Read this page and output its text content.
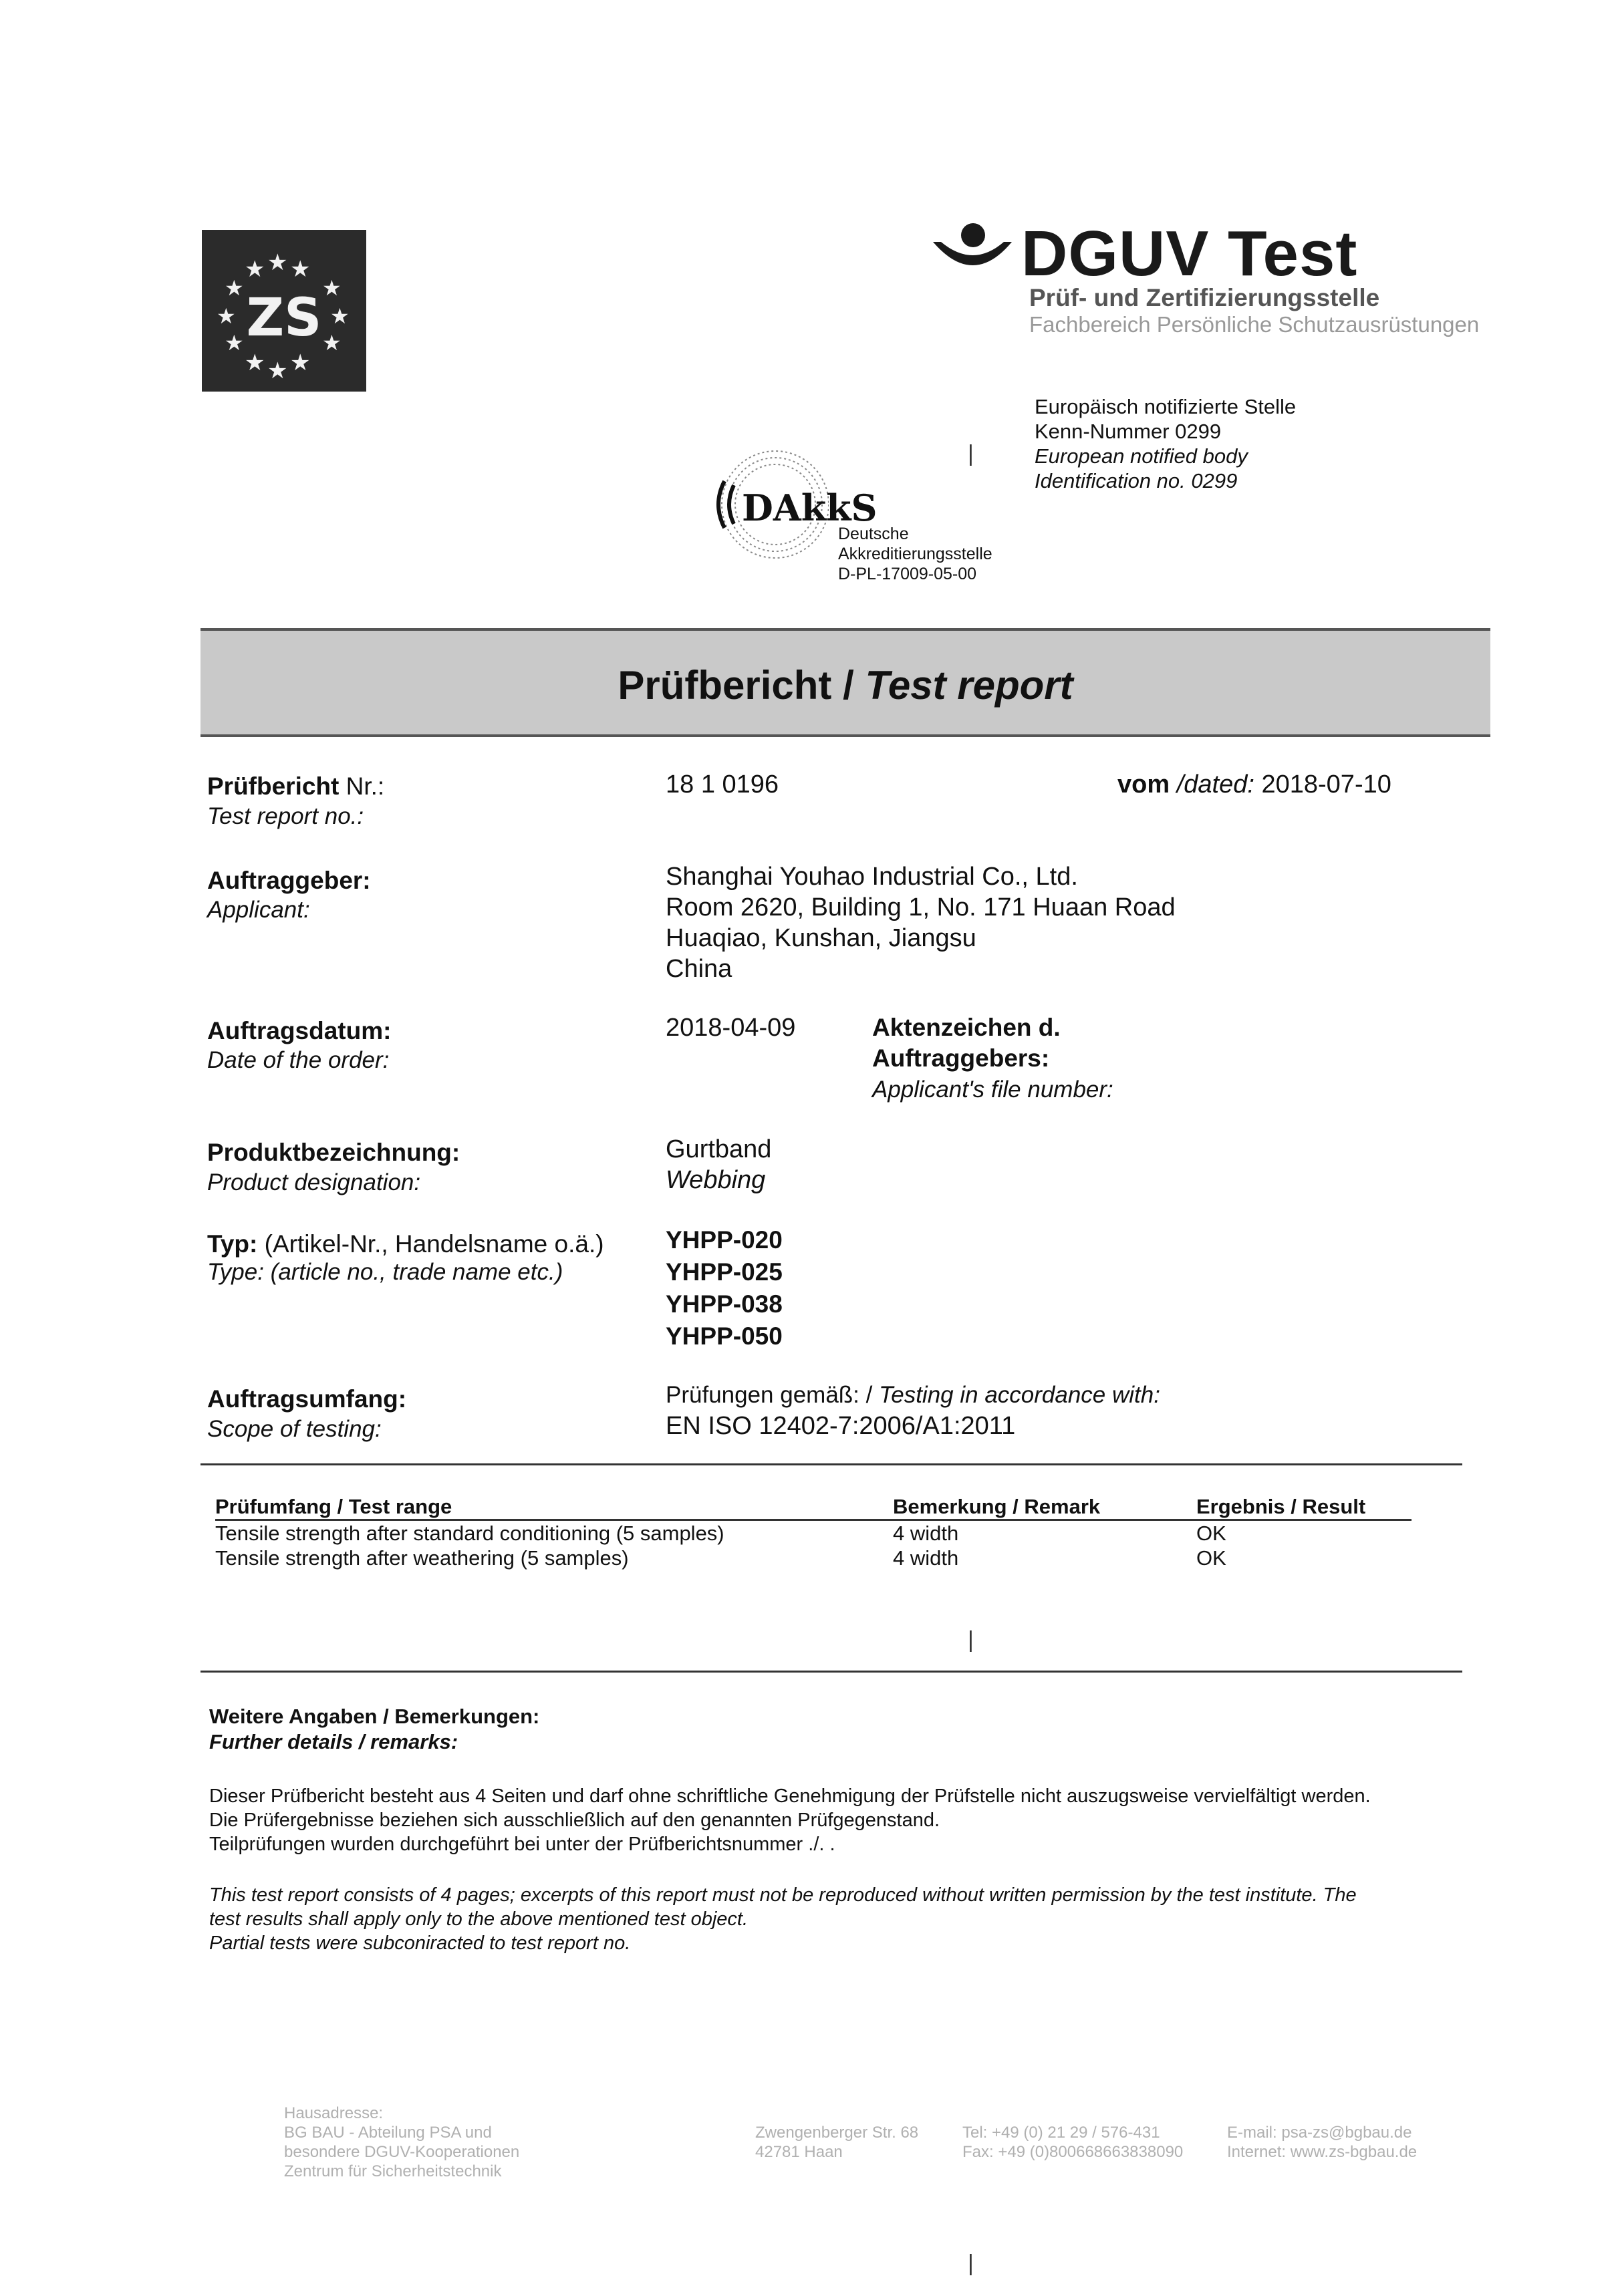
★
★ ★
★	★
★	★
★	★
★ ★
★
ZS
DGUV Test
Prüf- und Zertifizierungsstelle
Fachbereich Persönliche Schutzausrüstungen
Europäisch notifizierte Stelle
Kenn-Nummer 0299
European notified body
Identification no. 0299
DAkkS
Deutsche
Akkreditierungsstelle
D-PL-17009-05-00
|
Prüfbericht / Test report
Prüfbericht Nr.:
Test report no.:
18 1 0196	vom /dated: 2018-07-10
Auftraggeber:
Applicant:
Shanghai Youhao Industrial Co., Ltd.
Room 2620, Building 1, No. 171 Huaan Road
Huaqiao, Kunshan, Jiangsu
China
Auftragsdatum:
Date of the order:
2018-04-09	Aktenzeichen d.
Auftraggebers:
Applicant's file number:
Produktbezeichnung:
Product designation:
Gurtband
Webbing
Typ: (Artikel-Nr., Handelsname o.ä.)
Type: (article no., trade name etc.)
YHPP-020
YHPP-025
YHPP-038
YHPP-050
Auftragsumfang:
Scope of testing:
Prüfungen gemäß: / Testing in accordance with:
EN ISO 12402-7:2006/A1:2011
Prüfumfang / Test range	Bemerkung / Remark	Ergebnis / Result
Tensile strength after standard conditioning (5 samples)	4 width	OK
Tensile strength after weathering (5 samples)	4 width	OK
|
Weitere Angaben / Bemerkungen:
Further details / remarks:
Dieser Prüfbericht besteht aus 4 Seiten und darf ohne schriftliche Genehmigung der Prüfstelle nicht auszugsweise vervielfältigt werden.
Die Prüfergebnisse beziehen sich ausschließlich auf den genannten Prüfgegenstand.
Teilprüfungen wurden durchgeführt bei unter der Prüfberichtsnummer ./. .
This test report consists of 4 pages; excerpts of this report must not be reproduced without written permission by the test institute. The
test results shall apply only to the above mentioned test object.
Partial tests were subconiracted to test report no.
Hausadresse:
BG BAU - Abteilung PSA und
besondere DGUV-Kooperationen
Zentrum für Sicherheitstechnik
Zwengenberger Str. 68
42781 Haan
Tel: +49 (0) 21 29 / 576-431
Fax: +49 (0)800668663838090
E-mail: psa-zs@bgbau.de
Internet: www.zs-bgbau.de
|
